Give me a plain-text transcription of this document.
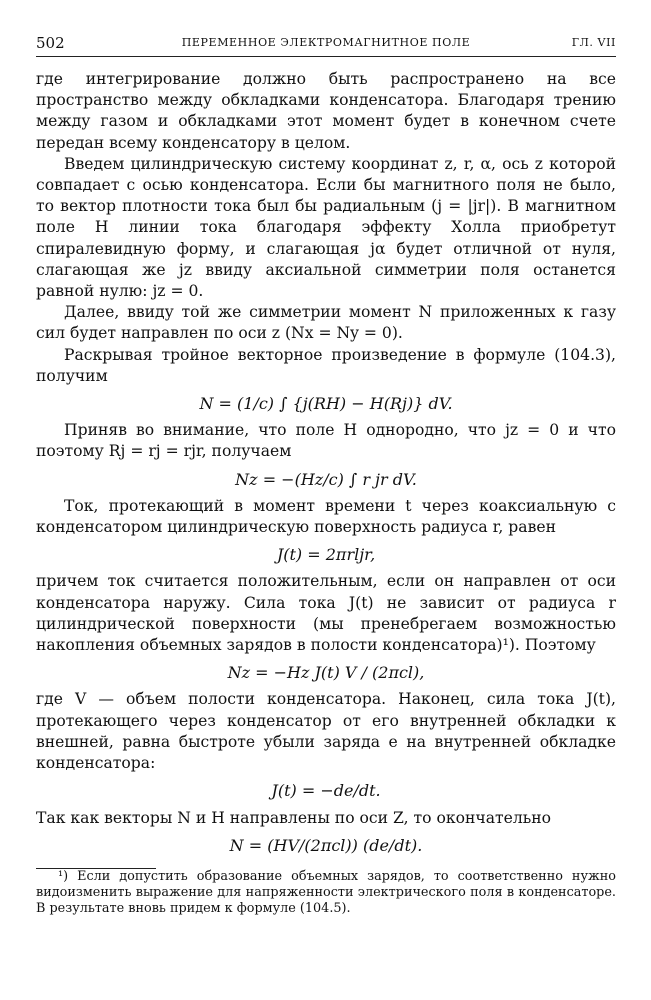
502	ПЕРЕМЕННОЕ ЭЛЕКТРОМАГНИТНОЕ ПОЛЕ	ГЛ. VII

где интегрирование должно быть распространено на все пространство между обкладками конденсатора. Благодаря трению между газом и обкладками этот момент будет в конечном счете передан всему конденсатору в целом.

Введем цилиндрическую систему координат z, r, α, ось z которой совпадает с осью конденсатора. Если бы магнитного поля не было, то вектор плотности тока был бы радиальным (j = |jr|). В магнитном поле H линии тока благодаря эффекту Холла приобретут спиралевидную форму, и слагающая jα будет отличной от нуля, слагающая же jz ввиду аксиальной симметрии поля останется равной нулю: jz = 0.

Далее, ввиду той же симметрии момент N приложенных к газу сил будет направлен по оси z (Nx = Ny = 0).

Раскрывая тройное векторное произведение в формуле (104.3), получим

N = (1/c) ∫ {j(RH) − H(Rj)} dV.

Приняв во внимание, что поле H однородно, что jz = 0 и что поэтому Rj = rj = rjr, получаем

Nz = −(Hz/c) ∫ r jr dV.

Ток, протекающий в момент времени t через коаксиальную с конденсатором цилиндрическую поверхность радиуса r, равен

J(t) = 2πrljr,

причем ток считается положительным, если он направлен от оси конденсатора наружу. Сила тока J(t) не зависит от радиуса r цилиндрической поверхности (мы пренебрегаем возможностью накопления объемных зарядов в полости конденсатора)¹). Поэтому

Nz = −Hz J(t) V / (2πcl),

где V — объем полости конденсатора. Наконец, сила тока J(t), протекающего через конденсатор от его внутренней обкладки к внешней, равна быстроте убыли заряда e на внутренней обкладке конденсатора:

J(t) = −de/dt.

Так как векторы N и H направлены по оси Z, то окончательно

N = (HV/(2πcl)) (de/dt).

¹) Если допустить образование объемных зарядов, то соответственно нужно видоизменить выражение для напряженности электрического поля в конденсаторе. В результате вновь придем к формуле (104.5).
